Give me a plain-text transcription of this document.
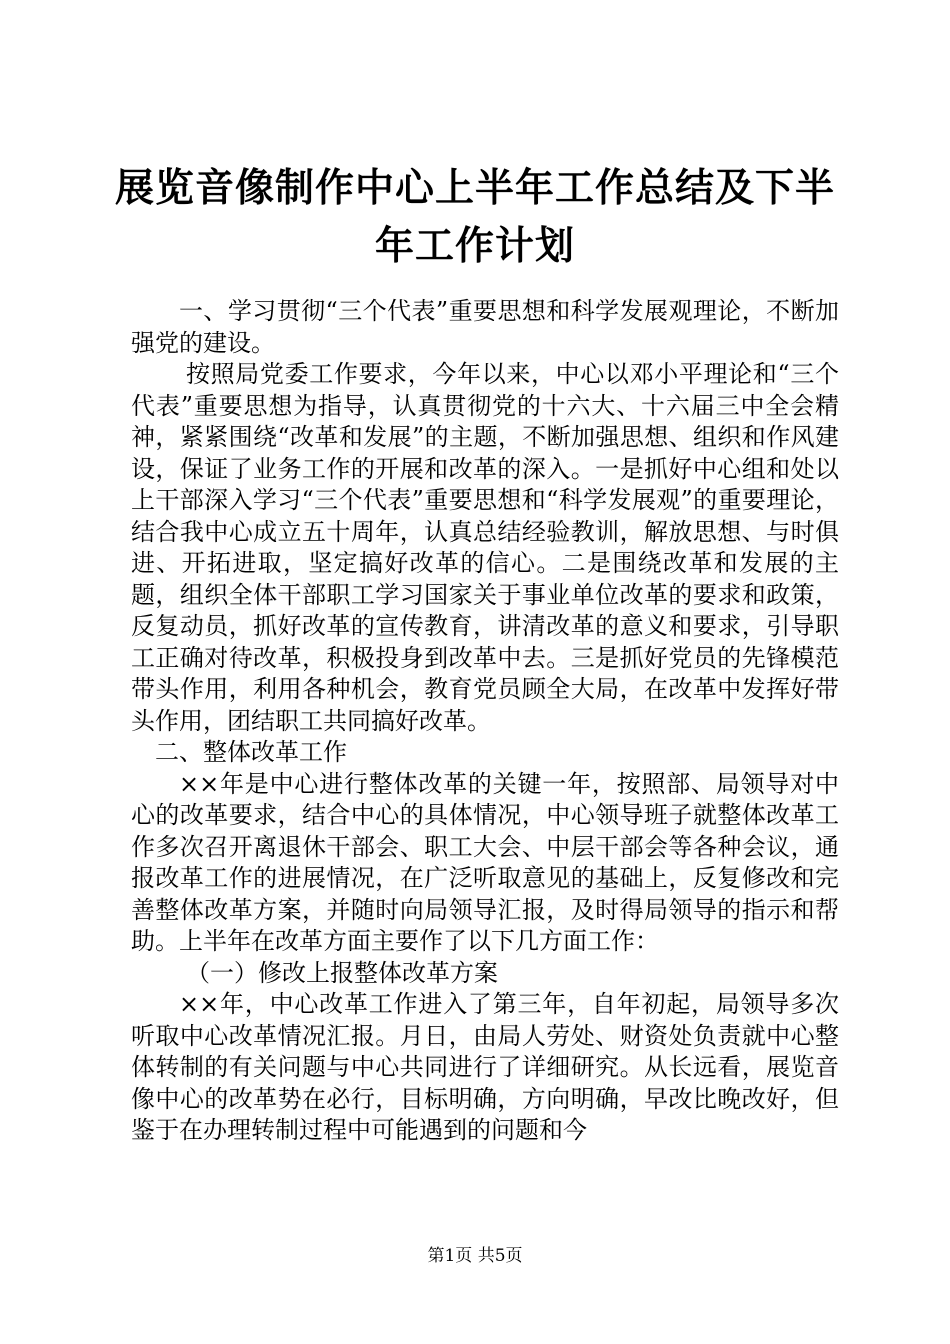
展览音像制作中心上半年工作总结及下半年工作计划

一、学习贯彻“三个代表”重要思想和科学发展观理论，不断加强党的建设。

按照局党委工作要求，今年以来，中心以邓小平理论和“三个代表”重要思想为指导，认真贯彻党的十六大、十六届三中全会精神，紧紧围绕“改革和发展”的主题，不断加强思想、组织和作风建设，保证了业务工作的开展和改革的深入。一是抓好中心组和处以上干部深入学习“三个代表”重要思想和“科学发展观”的重要理论，结合我中心成立五十周年，认真总结经验教训，解放思想、与时俱进、开拓进取，坚定搞好改革的信心。二是围绕改革和发展的主题，组织全体干部职工学习国家关于事业单位改革的要求和政策，反复动员，抓好改革的宣传教育，讲清改革的意义和要求，引导职工正确对待改革，积极投身到改革中去。三是抓好党员的先锋模范带头作用，利用各种机会，教育党员顾全大局，在改革中发挥好带头作用，团结职工共同搞好改革。

二、整体改革工作

××年是中心进行整体改革的关键一年，按照部、局领导对中心的改革要求，结合中心的具体情况，中心领导班子就整体改革工作多次召开离退休干部会、职工大会、中层干部会等各种会议，通报改革工作的进展情况，在广泛听取意见的基础上，反复修改和完善整体改革方案，并随时向局领导汇报，及时得局领导的指示和帮助。上半年在改革方面主要作了以下几方面工作：

（一）修改上报整体改革方案

××年，中心改革工作进入了第三年，自年初起，局领导多次听取中心改革情况汇报。月日，由局人劳处、财资处负责就中心整体转制的有关问题与中心共同进行了详细研究。从长远看，展览音像中心的改革势在必行，目标明确，方向明确，早改比晚改好，但鉴于在办理转制过程中可能遇到的问题和今

第1页 共5页
